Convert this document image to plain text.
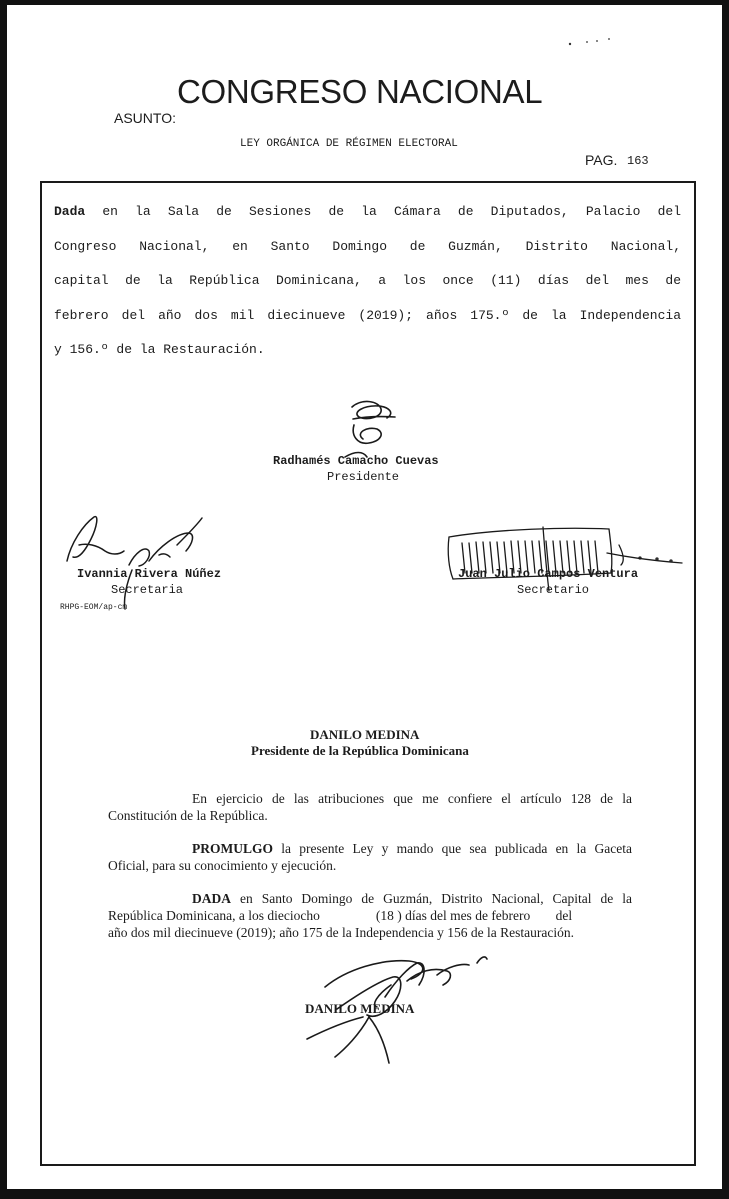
ASUNTO:
CONGRESO NACIONAL
LEY ORGÁNICA DE RÉGIMEN ELECTORAL
PAG. 163
Dada en la Sala de Sesiones de la Cámara de Diputados, Palacio del
Congreso Nacional, en Santo Domingo de Guzmán, Distrito Nacional,
capital de la República Dominicana, a los once (11) días del mes de
febrero del año dos mil diecinueve (2019); años 175.º de la Independencia
y 156.º de la Restauración.
Radhamés Camacho Cuevas
Presidente
Ivannia Rivera Núñez
Secretaria
RHPG-EOM/ap-cm
Juan Julio Campos Ventura
Secretario
DANILO MEDINA
Presidente de la República Dominicana
En ejercicio de las atribuciones que me confiere el artículo 128 de la
Constitución de la República.
PROMULGO la presente Ley y mando que sea publicada en la Gaceta
Oficial, para su conocimiento y ejecución.
DADA en Santo Domingo de Guzmán, Distrito Nacional, Capital de la
República Dominicana, a los dieciocho	(18 ) días del mes de febrero del
año dos mil diecinueve (2019); año 175 de la Independencia y 156 de la Restauración.
DANILO MEDINA
